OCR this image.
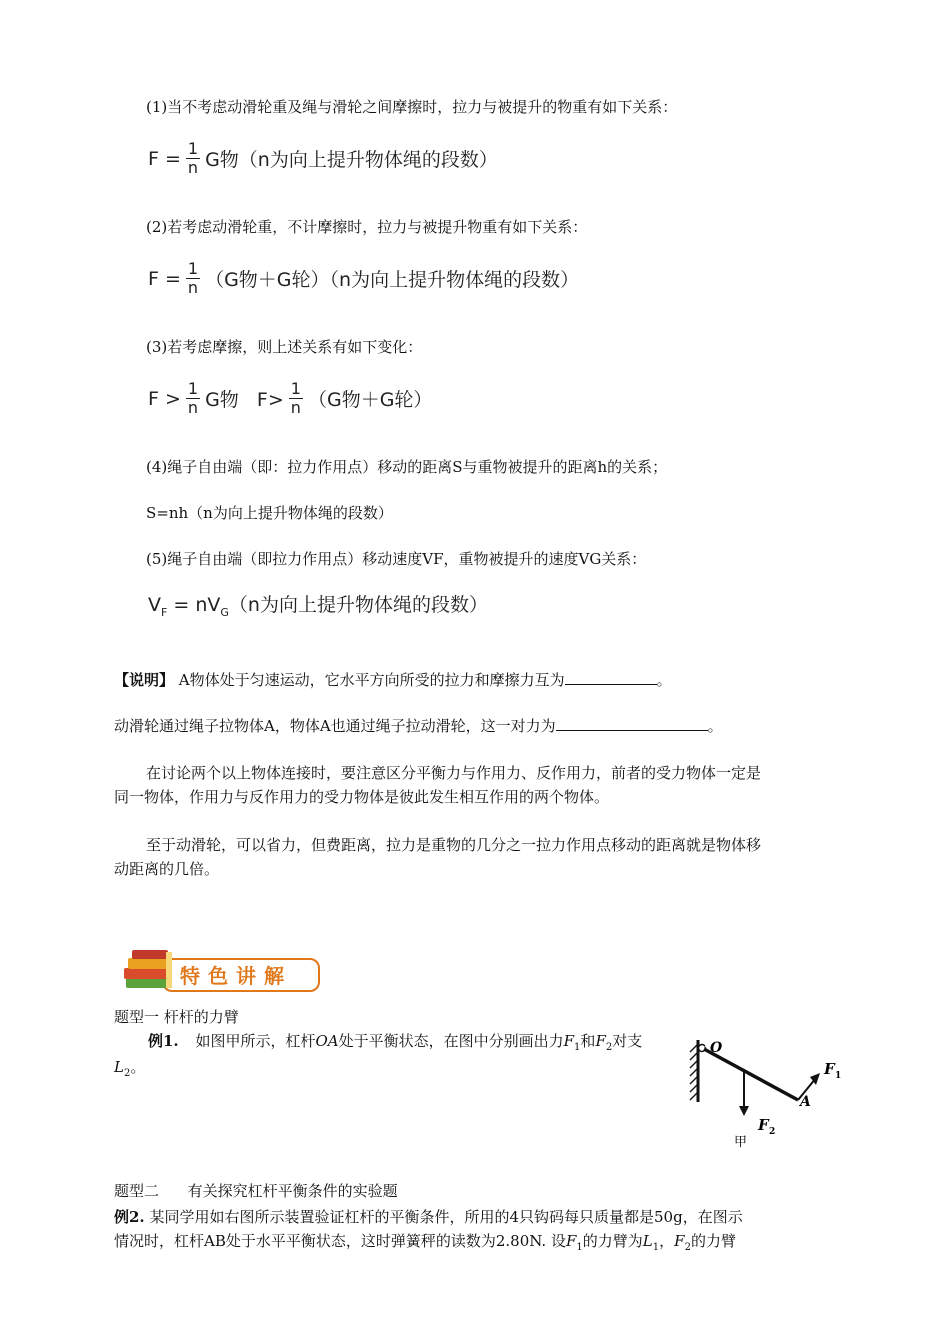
(1)当不考虑动滑轮重及绳与滑轮之间摩擦时，拉力与被提升的物重有如下关系：
$F = \frac{1}{n}$ G物（n为向上提升物体绳的段数）
(2)若考虑动滑轮重，不计摩擦时，拉力与被提升物重有如下关系：
$F = \frac{1}{n} (G$物＋G轮）（n为向上提升物体绳的段数）
(3)若考虑摩擦，则上述关系有如下变化：
$F > \frac{1}{n}$ G物   $F> \frac{1}{n} (G$物＋G轮）
(4)绳子自由端（即：拉力作用点）移动的距离S与重物被提升的距离h的关系；
S=nh（n为向上提升物体绳的段数）
(5)绳子自由端（即拉力作用点）移动速度VF，重物被提升的速度VG关系：
$V_F = nV_G(n$为向上提升物体绳的段数）
【说明】 A物体处于匀速运动，它水平方向所受的拉力和摩擦力互为	。
动滑轮通过绳子拉物体A，物体A也通过绳子拉动滑轮，这一对力为	。
在讨论两个以上物体连接时，要注意区分平衡力与作用力、反作用力，前者的受力物体一定是
同一物体，作用力与反作用力的受力物体是彼此发生相互作用的两个物体。
至于动滑轮，可以省力，但费距离，拉力是重物的几分之一拉力作用点移动的距离就是物体移
动距离的几倍。
特色讲解
题型一 杆杆的力臂
例1. 如图甲所示，杠杆OA处于平衡状态，在图中分别画出力$F_1$和$F_2$对支
$L_2$。
O
A
F 1
F 2
甲
题型二      有关探究杠杆平衡条件的实验题
例2. 某同学用如右图所示装置验证杠杆的平衡条件，所用的4只钩码每只质量都是50g，在图示
情况时，杠杆AB处于水平平衡状态，这时弹簧秤的读数为2.80N. 设$F_1$的力臂为$L_1$，$F_2$的力臂
